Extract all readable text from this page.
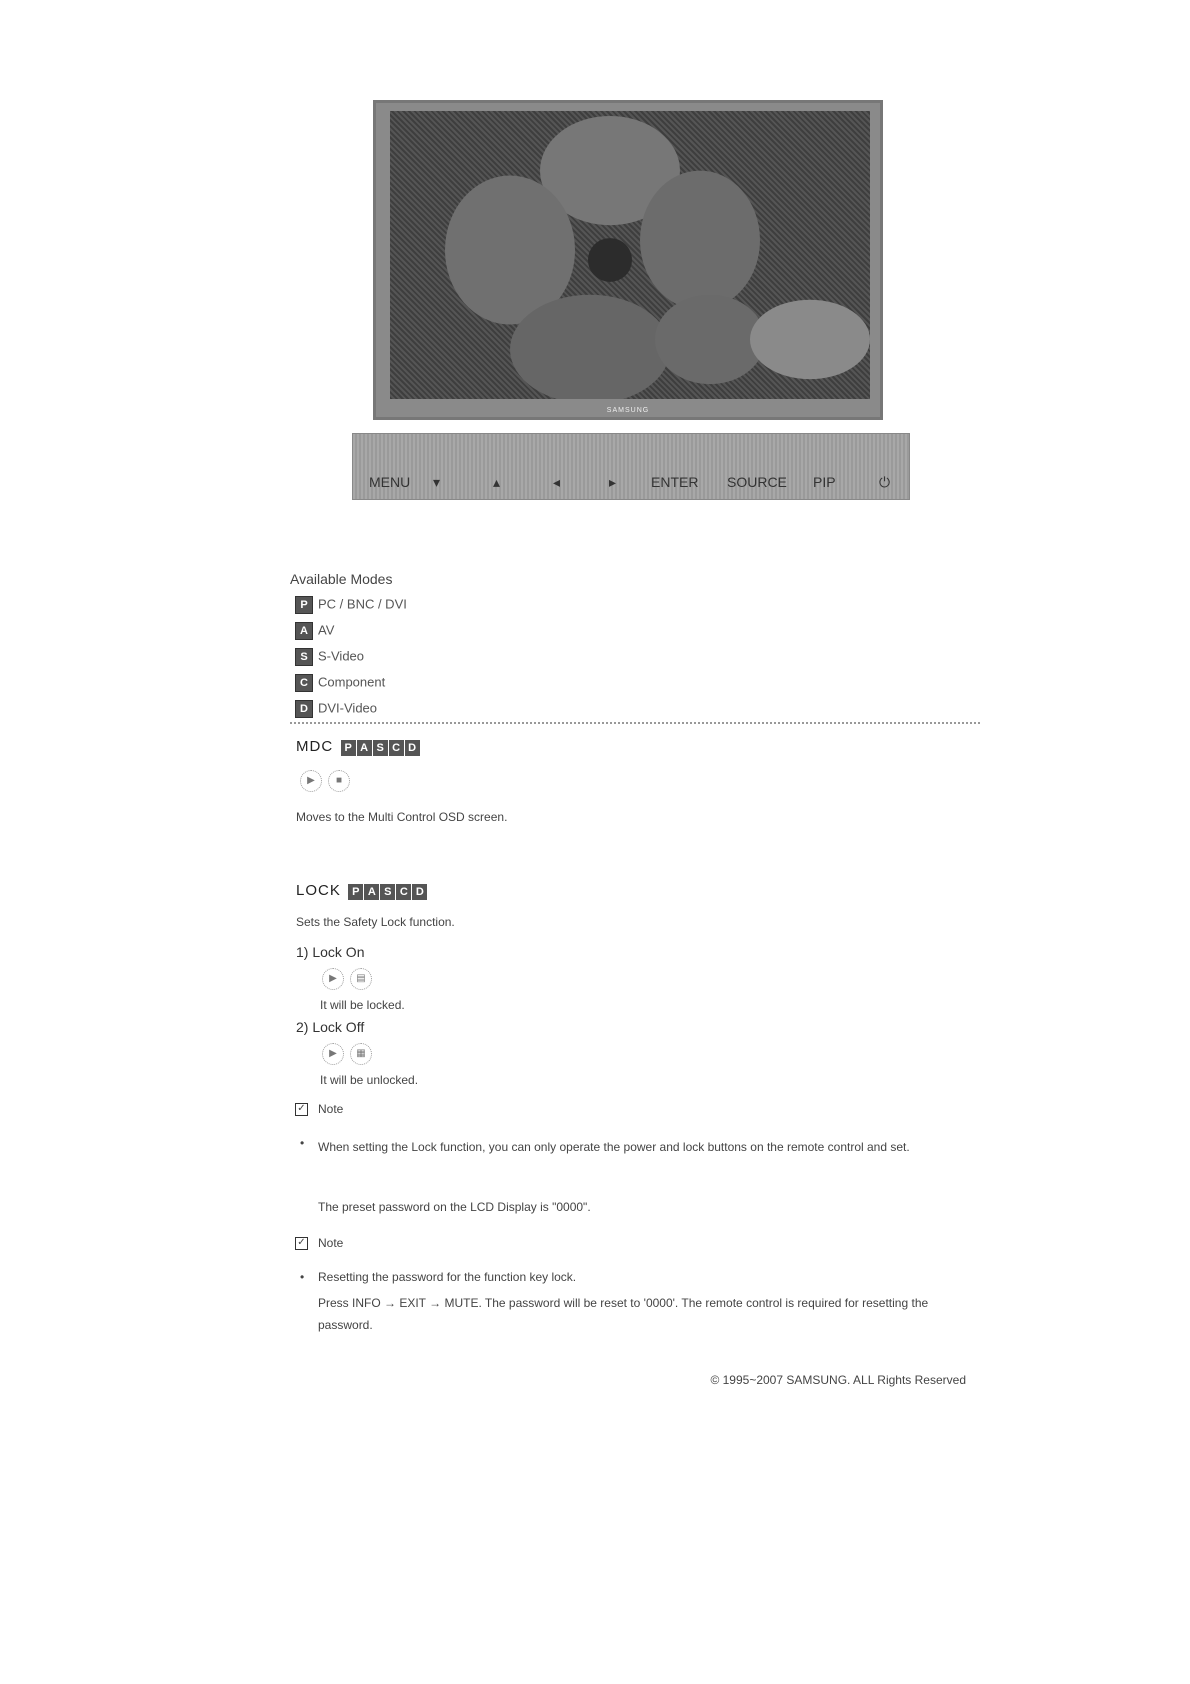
SAMSUNG
MENU ▾	▴	◂	▸ ENTER SOURCE PIP	⏻
Available Modes
P PC / BNC / DVI
A AV
S S-Video
C Component
D DVI-Video
MDC P A S C D
▶ ■
Moves to the Multi Control OSD screen.
LOCK P A S C D
Sets the Safety Lock function.
1) Lock On
▶ ▤
It will be locked.
2) Lock Off
▶ ▦
It will be unlocked.
✓ Note
• When setting the Lock function, you can only operate the power and lock buttons on the remote control and set.
The preset password on the LCD Display is "0000".
✓ Note
• Resetting the password for the function key lock.
Press INFO → EXIT → MUTE. The password will be reset to '0000'. The remote control is required for resetting the password.
© 1995~2007 SAMSUNG. ALL Rights Reserved
